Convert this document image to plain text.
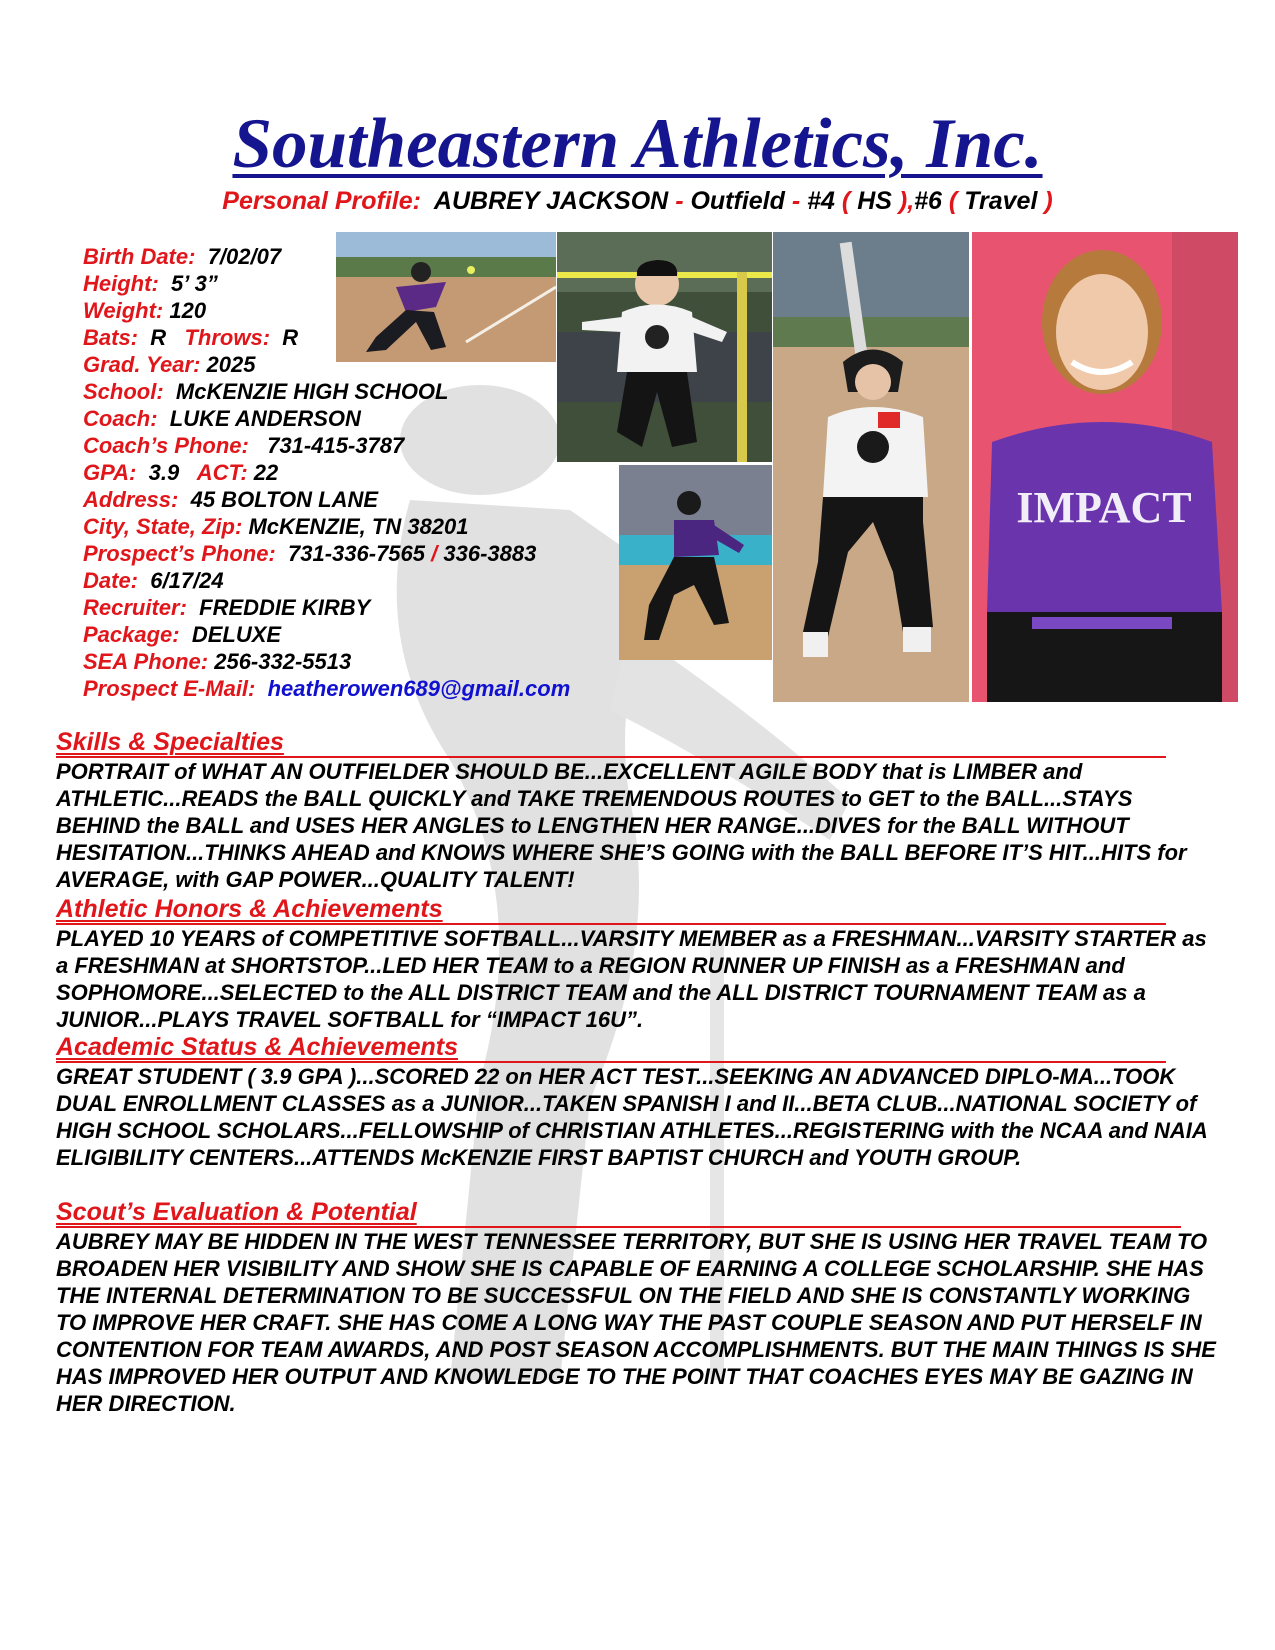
Southeastern Athletics, Inc.
Personal Profile: AUBREY JACKSON - Outfield - #4 ( HS ),#6 ( Travel )
Birth Date: 7/02/07
Height: 5’ 3”
Weight: 120
Bats: R Throws: R
Grad. Year: 2025
School: McKENZIE HIGH SCHOOL
Coach: LUKE ANDERSON
Coach’s Phone: 731-415-3787
GPA: 3.9 ACT: 22
Address: 45 BOLTON LANE
City, State, Zip: McKENZIE, TN 38201
Prospect’s Phone: 731-336-7565 / 336-3883
Date: 6/17/24
Recruiter: FREDDIE KIRBY
Package: DELUXE
SEA Phone: 256-332-5513
Prospect E-Mail: heatherowen689@gmail.com
IMPACT
Skills & Specialties
PORTRAIT of WHAT AN OUTFIELDER SHOULD BE...EXCELLENT AGILE BODY that is LIMBER and ATHLETIC...READS the BALL QUICKLY and TAKE TREMENDOUS ROUTES to GET to the BALL...STAYS BEHIND the BALL and USES HER ANGLES to LENGTHEN HER RANGE...DIVES for the BALL WITHOUT HESITATION...THINKS AHEAD and KNOWS WHERE SHE’S GOING with the BALL BEFORE IT’S HIT...HITS for AVERAGE, with GAP POWER...QUALITY TALENT!
Athletic Honors & Achievements
PLAYED 10 YEARS of COMPETITIVE SOFTBALL...VARSITY MEMBER as a FRESHMAN...VARSITY STARTER as a FRESHMAN at SHORTSTOP...LED HER TEAM to a REGION RUNNER UP FINISH as a FRESHMAN and SOPHOMORE...SELECTED to the ALL DISTRICT TEAM and the ALL DISTRICT TOURNAMENT TEAM as a JUNIOR...PLAYS TRAVEL SOFTBALL for “IMPACT 16U”.
Academic Status & Achievements
GREAT STUDENT ( 3.9 GPA )...SCORED 22 on HER ACT TEST...SEEKING AN ADVANCED DIPLO-MA...TOOK DUAL ENROLLMENT CLASSES as a JUNIOR...TAKEN SPANISH I and II...BETA CLUB...NATIONAL SOCIETY of HIGH SCHOOL SCHOLARS...FELLOWSHIP of CHRISTIAN ATHLETES...REGISTERING with the NCAA and NAIA ELIGIBILITY CENTERS...ATTENDS McKENZIE FIRST BAPTIST CHURCH and YOUTH GROUP.
Scout’s Evaluation & Potential
AUBREY MAY BE HIDDEN IN THE WEST TENNESSEE TERRITORY, BUT SHE IS USING HER TRAVEL TEAM TO BROADEN HER VISIBILITY AND SHOW SHE IS CAPABLE OF EARNING A COLLEGE SCHOLARSHIP. SHE HAS THE INTERNAL DETERMINATION TO BE SUCCESSFUL ON THE FIELD AND SHE IS CONSTANTLY WORKING TO IMPROVE HER CRAFT. SHE HAS COME A LONG WAY THE PAST COUPLE SEASON AND PUT HERSELF IN CONTENTION FOR TEAM AWARDS, AND POST SEASON ACCOMPLISHMENTS. BUT THE MAIN THINGS IS SHE HAS IMPROVED HER OUTPUT AND KNOWLEDGE TO THE POINT THAT COACHES EYES MAY BE GAZING IN HER DIRECTION.
